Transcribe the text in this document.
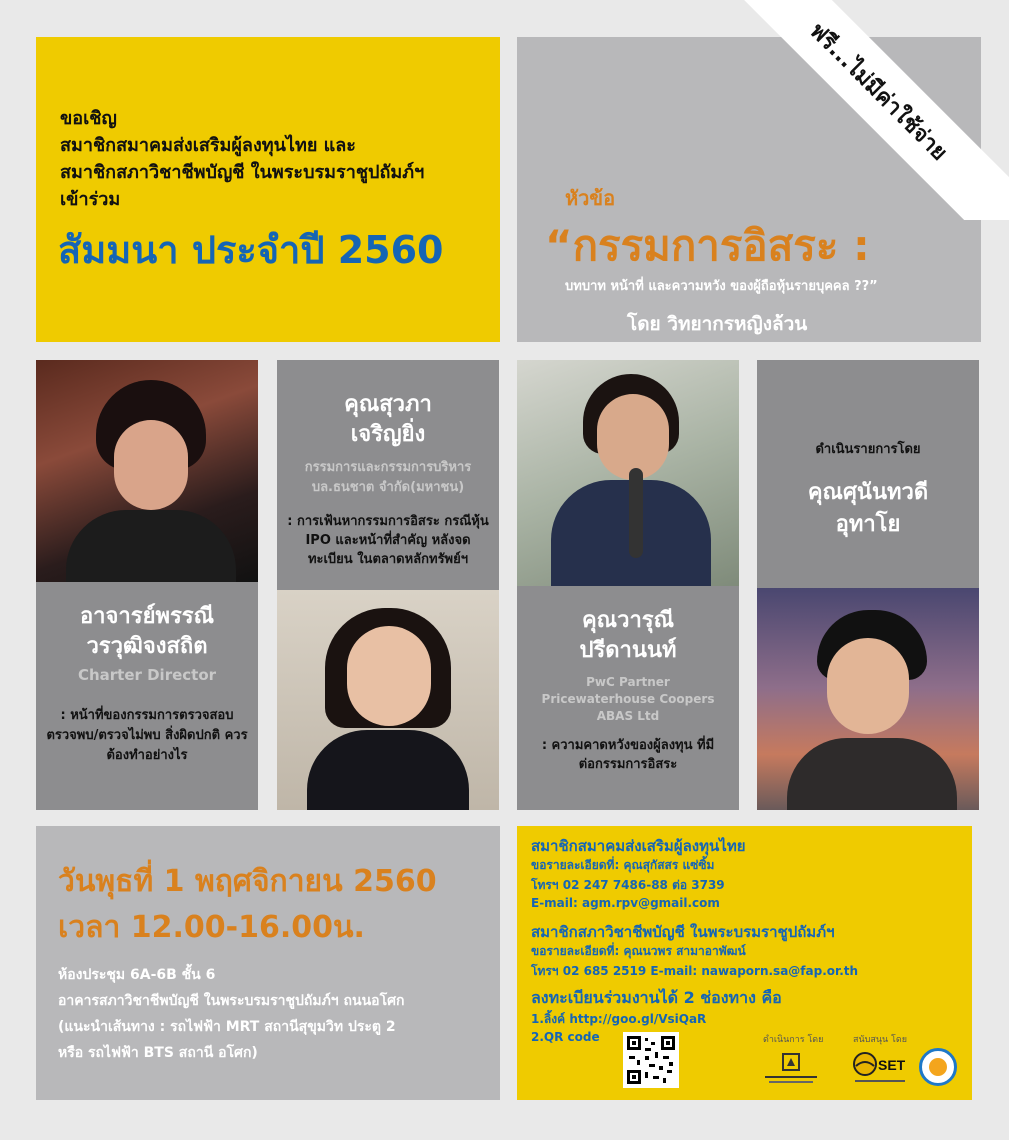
ขอเชิญ
สมาชิกสมาคมส่งเสริมผู้ลงทุนไทย และ
สมาชิกสภาวิชาชีพบัญชี ในพระบรมราชูปถัมภ์ฯ
เข้าร่วม
สัมมนา ประจำปี 2560
หัวข้อ
“กรรมการอิสระ :
บทบาท หน้าที่ และความหวัง ของผู้ถือหุ้นรายบุคคล ??”
โดย วิทยากรหญิงล้วน
ฟรี...ไม่มีค่าใช้จ่าย
อาจารย์พรรณี
วรวุฒิจงสถิต
Charter Director
: หน้าที่ของกรรมการตรวจสอบ ตรวจพบ/ตรวจไม่พบ สิ่งผิดปกติ ควรต้องทำอย่างไร
คุณสุวภา
เจริญยิ่ง
กรรมการและกรรมการบริหาร
บล.ธนชาต จำกัด(มหาชน)
: การเฟ้นหากรรมการอิสระ กรณีหุ้น IPO และหน้าที่สำคัญ หลังจดทะเบียน ในตลาดหลักทรัพย์ฯ
คุณวารุณี
ปรีดานนท์
PwC Partner Pricewaterhouse Coopers ABAS Ltd
: ความคาดหวังของผู้ลงทุน ที่มีต่อกรรมการอิสระ
ดำเนินรายการโดย
คุณศุนันทวดี
อุทาโย
วันพุธที่ 1 พฤศจิกายน 2560
เวลา 12.00-16.00น.
ห้องประชุม 6A-6B ชั้น 6
อาคารสภาวิชาชีพบัญชี ในพระบรมราชูปถัมภ์ฯ ถนนอโศก
(แนะนำเส้นทาง : รถไฟฟ้า MRT สถานีสุขุมวิท ประตู 2
หรือ รถไฟฟ้า BTS สถานี อโศก)
สมาชิกสมาคมส่งเสริมผู้ลงทุนไทย
ขอรายละเอียดที่: คุณสุกัสสร แซ่ซิ้ม
โทรฯ 02 247 7486-88 ต่อ 3739
E-mail: agm.rpv@gmail.com
สมาชิกสภาวิชาชีพบัญชี ในพระบรมราชูปถัมภ์ฯ
ขอรายละเอียดที่: คุณนวพร สามาอาพัฒน์
โทรฯ 02 685 2519 E-mail: nawaporn.sa@fap.or.th
ลงทะเบียนร่วมงานได้ 2 ช่องทาง คือ
1.ลิ้งค์ http://goo.gl/VsiQaR
2.QR code	ดำเนินการ โดย	สนับสนุน โดย
SET
